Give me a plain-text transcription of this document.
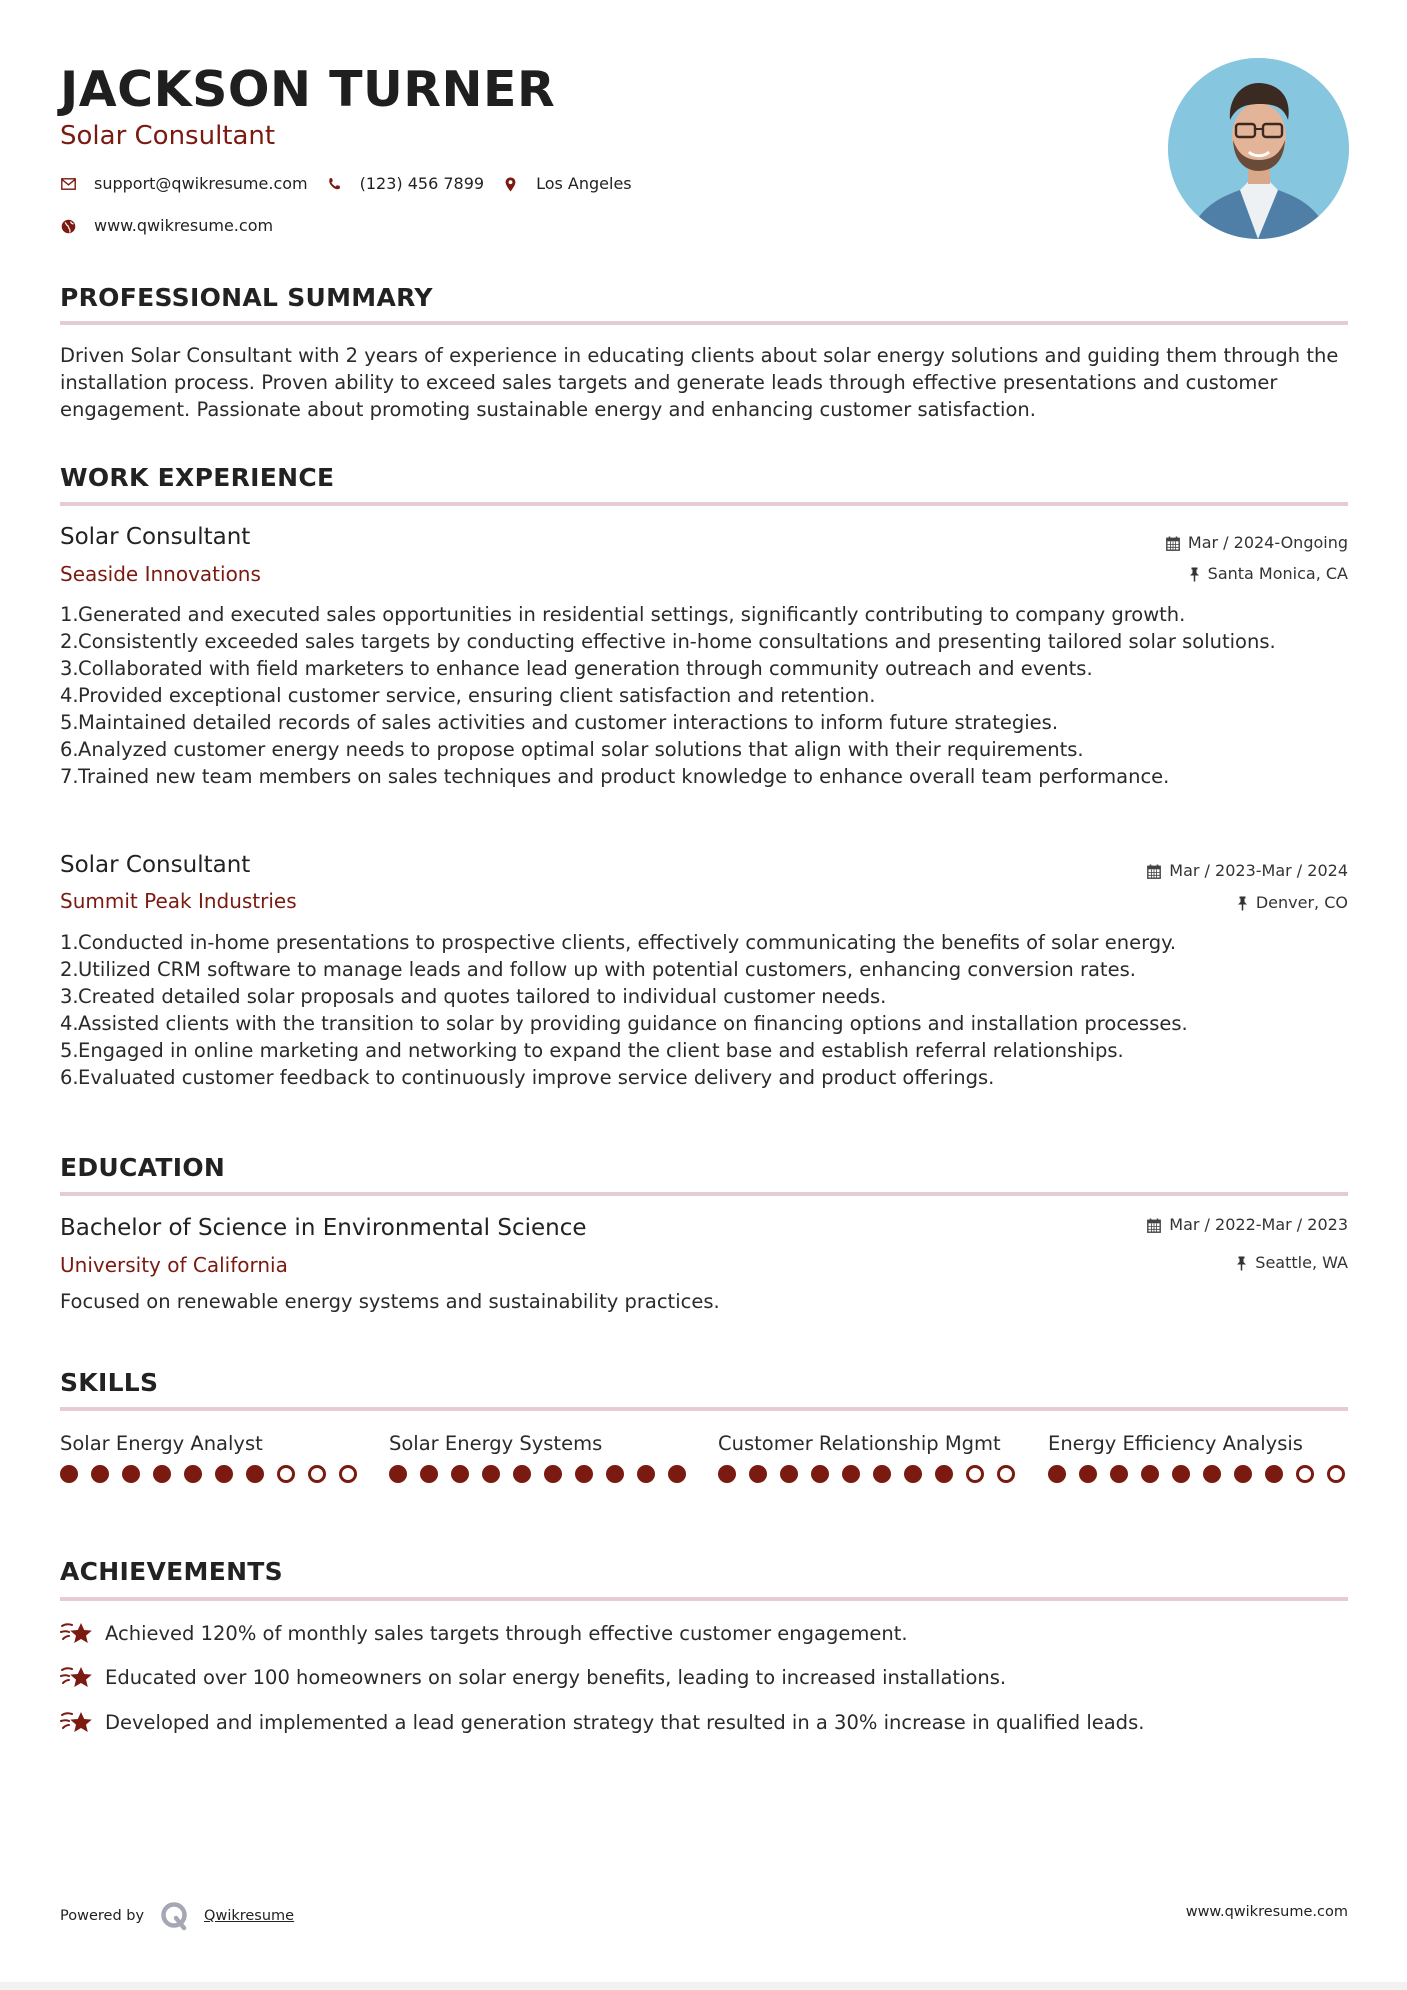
JACKSON TURNER
Solar Consultant
support@qwikresume.com	(123) 456 7899	Los Angeles
www.qwikresume.com
PROFESSIONAL SUMMARY
Driven Solar Consultant with 2 years of experience in educating clients about solar energy solutions and guiding them through the installation process. Proven ability to exceed sales targets and generate leads through effective presentations and customer engagement. Passionate about promoting sustainable energy and enhancing customer satisfaction.
WORK EXPERIENCE
Solar Consultant
Seaside Innovations
Mar / 2024-Ongoing
Santa Monica, CA
1. Generated and executed sales opportunities in residential settings, significantly contributing to company growth.
2. Consistently exceeded sales targets by conducting effective in-home consultations and presenting tailored solar solutions.
3. Collaborated with field marketers to enhance lead generation through community outreach and events.
4. Provided exceptional customer service, ensuring client satisfaction and retention.
5. Maintained detailed records of sales activities and customer interactions to inform future strategies.
6. Analyzed customer energy needs to propose optimal solar solutions that align with their requirements.
7. Trained new team members on sales techniques and product knowledge to enhance overall team performance.
Solar Consultant
Summit Peak Industries
Mar / 2023-Mar / 2024
Denver, CO
1. Conducted in-home presentations to prospective clients, effectively communicating the benefits of solar energy.
2. Utilized CRM software to manage leads and follow up with potential customers, enhancing conversion rates.
3. Created detailed solar proposals and quotes tailored to individual customer needs.
4. Assisted clients with the transition to solar by providing guidance on financing options and installation processes.
5. Engaged in online marketing and networking to expand the client base and establish referral relationships.
6. Evaluated customer feedback to continuously improve service delivery and product offerings.
EDUCATION
Bachelor of Science in Environmental Science
University of California
Mar / 2022-Mar / 2023
Seattle, WA
Focused on renewable energy systems and sustainability practices.
SKILLS
Solar Energy Analyst	Solar Energy Systems	Customer Relationship Mgmt	Energy Efficiency Analysis
ACHIEVEMENTS
Achieved 120% of monthly sales targets through effective customer engagement.
Educated over 100 homeowners on solar energy benefits, leading to increased installations.
Developed and implemented a lead generation strategy that resulted in a 30% increase in qualified leads.
Powered by	Qwikresume	www.qwikresume.com
